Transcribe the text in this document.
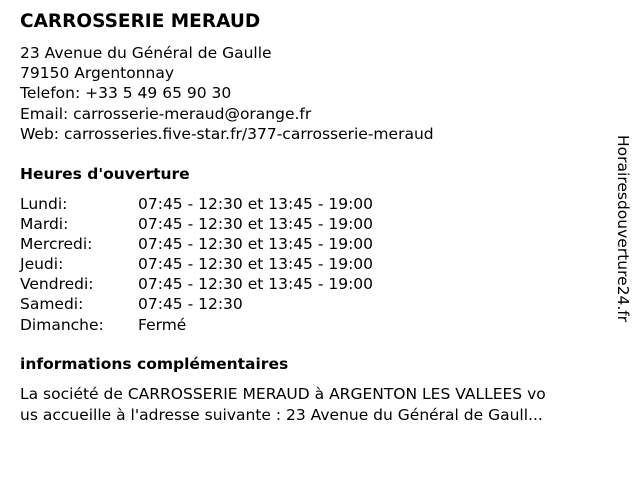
CARROSSERIE MERAUD
23 Avenue du Général de Gaulle
79150 Argentonnay
Telefon: +33 5 49 65 90 30
Email: carrosserie-meraud@orange.fr
Web: carrosseries.five-star.fr/377-carrosserie-meraud
Heures d'ouverture
Lundi:	07:45 - 12:30 et 13:45 - 19:00
Mardi:	07:45 - 12:30 et 13:45 - 19:00
Mercredi:	07:45 - 12:30 et 13:45 - 19:00
Jeudi:	07:45 - 12:30 et 13:45 - 19:00
Vendredi:	07:45 - 12:30 et 13:45 - 19:00
Samedi:	07:45 - 12:30
Dimanche: Fermé
informations complémentaires
La société de CARROSSERIE MERAUD à ARGENTON LES VALLEES vo
us accueille à l'adresse suivante : 23 Avenue du Général de Gaull...
Horairesdouverture24.fr
